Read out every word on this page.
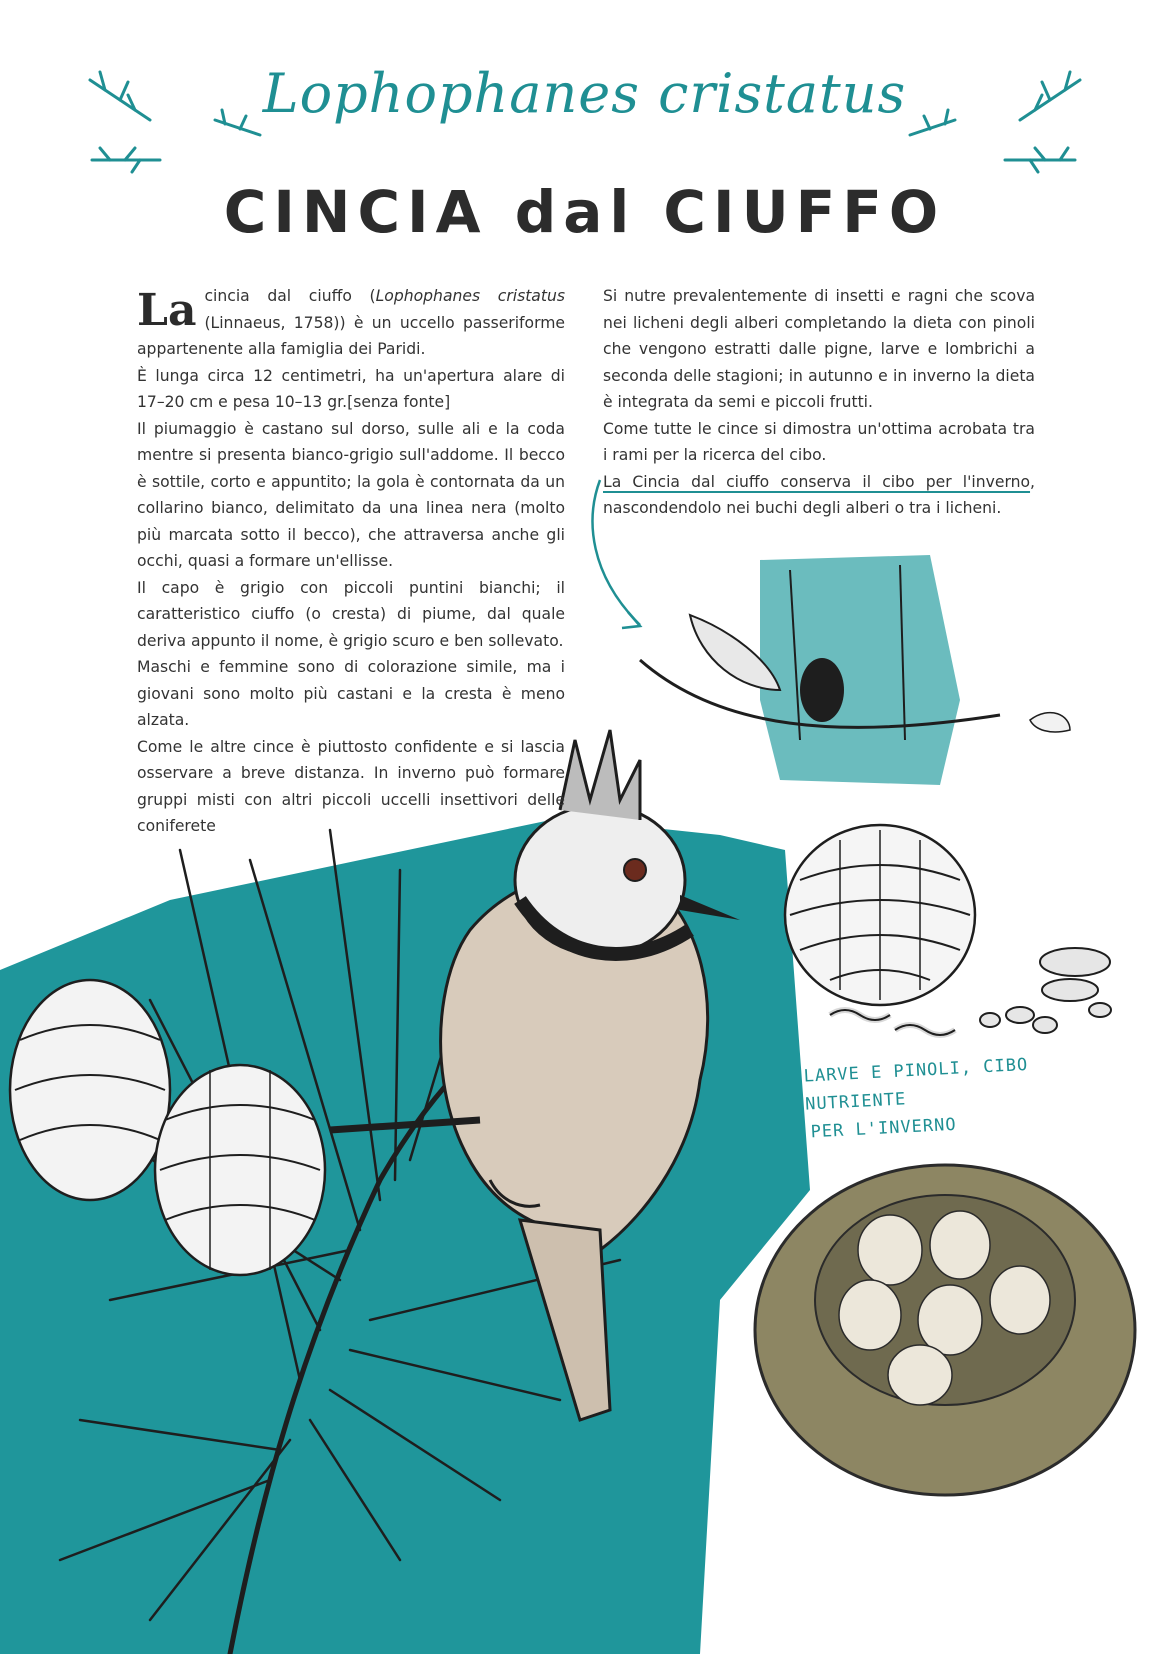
Lophophanes cristatus
CINCIA dal CIUFFO

La cincia dal ciuffo (Lophophanes cristatus (Linnaeus, 1758)) è un uccello passeriforme appartenente alla famiglia dei Paridi.

È lunga circa 12 centimetri, ha un'apertura alare di 17–20 cm e pesa 10–13 gr.[senza fonte]

Il piumaggio è castano sul dorso, sulle ali e la coda mentre si presenta bianco-grigio sull'addome. Il becco è sottile, corto e appuntito; la gola è contornata da un collarino bianco, delimitato da una linea nera (molto più marcata sotto il becco), che attraversa anche gli occhi, quasi a formare un'ellisse.

Il capo è grigio con piccoli puntini bianchi; il caratteristico ciuffo (o cresta) di piume, dal quale deriva appunto il nome, è grigio scuro e ben sollevato.

Maschi e femmine sono di colorazione simile, ma i giovani sono molto più castani e la cresta è meno alzata.

Come le altre cince è piuttosto confidente e si lascia osservare a breve distanza. In inverno può formare gruppi misti con altri piccoli uccelli insettivori delle coniferete

Si nutre prevalentemente di insetti e ragni che scova nei licheni degli alberi completando la dieta con pinoli che vengono estratti dalle pigne, larve e lombrichi a seconda delle stagioni; in autunno e in inverno la dieta è integrata da semi e piccoli frutti.

Come tutte le cince si dimostra un'ottima acrobata tra i rami per la ricerca del cibo.

La Cincia dal ciuffo conserva il cibo per l'inverno, nascondendolo nei buchi degli alberi o tra i licheni.

LARVE E PINOLI, CIBO NUTRIENTE
PER L'INVERNO
